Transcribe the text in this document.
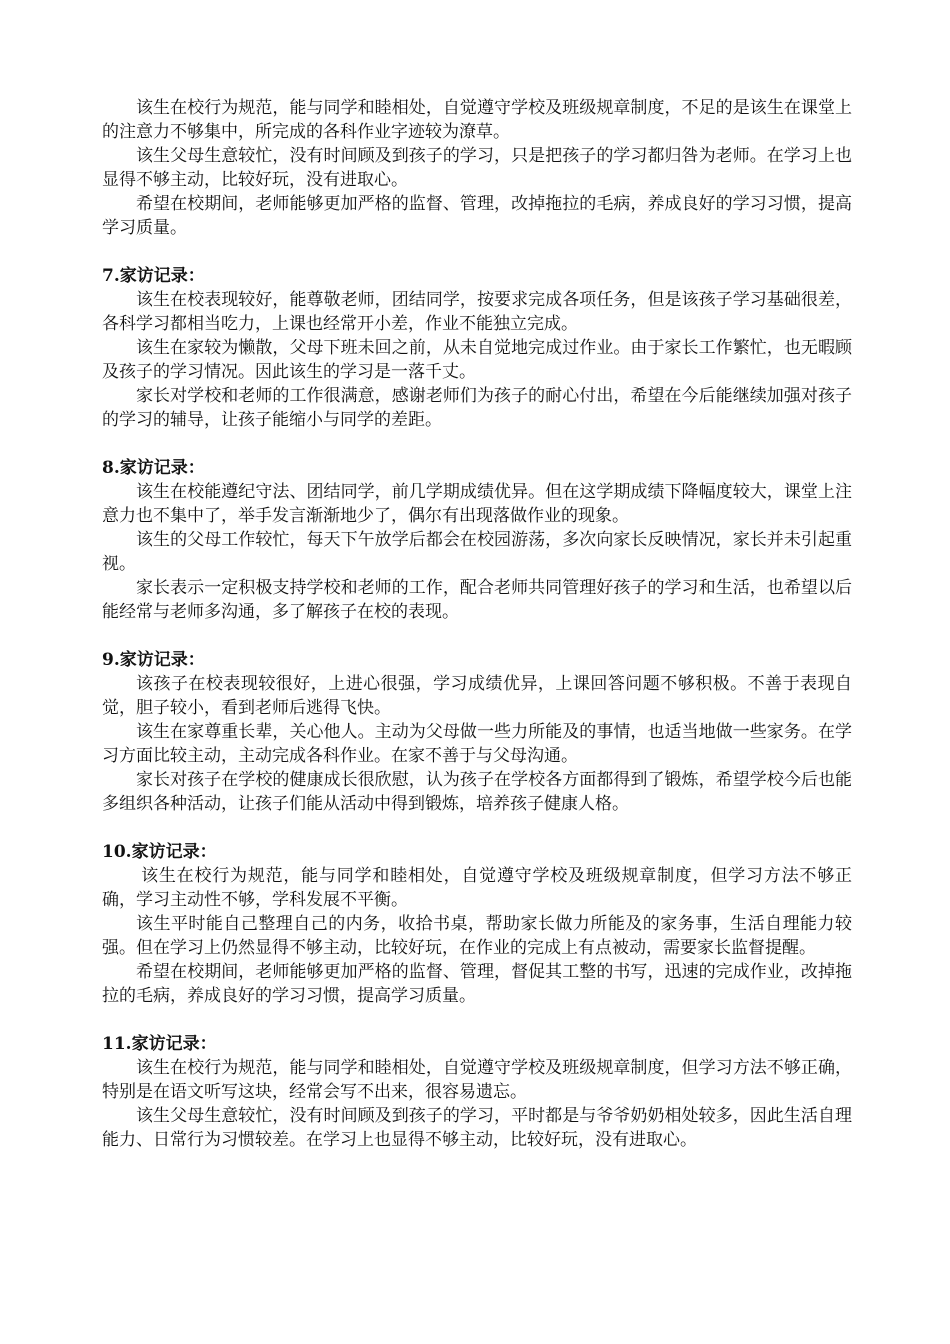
该生在校行为规范，能与同学和睦相处，自觉遵守学校及班级规章制度，不足的是该生在课堂上的注意力不够集中，所完成的各科作业字迹较为潦草。

该生父母生意较忙，没有时间顾及到孩子的学习，只是把孩子的学习都归咎为老师。在学习上也显得不够主动，比较好玩，没有进取心。

希望在校期间，老师能够更加严格的监督、管理，改掉拖拉的毛病，养成良好的学习习惯，提高学习质量。

7.家访记录：

该生在校表现较好，能尊敬老师，团结同学，按要求完成各项任务，但是该孩子学习基础很差，各科学习都相当吃力，上课也经常开小差，作业不能独立完成。

该生在家较为懒散，父母下班未回之前，从未自觉地完成过作业。由于家长工作繁忙，也无暇顾及孩子的学习情况。因此该生的学习是一落千丈。

家长对学校和老师的工作很满意，感谢老师们为孩子的耐心付出，希望在今后能继续加强对孩子的学习的辅导，让孩子能缩小与同学的差距。

8.家访记录：

该生在校能遵纪守法、团结同学，前几学期成绩优异。但在这学期成绩下降幅度较大，课堂上注意力也不集中了，举手发言渐渐地少了，偶尔有出现落做作业的现象。

该生的父母工作较忙，每天下午放学后都会在校园游荡，多次向家长反映情况，家长并未引起重视。

家长表示一定积极支持学校和老师的工作，配合老师共同管理好孩子的学习和生活，也希望以后能经常与老师多沟通，多了解孩子在校的表现。

9.家访记录：

该孩子在校表现较很好，上进心很强，学习成绩优异，上课回答问题不够积极。不善于表现自觉，胆子较小，看到老师后逃得飞快。

该生在家尊重长辈，关心他人。主动为父母做一些力所能及的事情，也适当地做一些家务。在学习方面比较主动，主动完成各科作业。在家不善于与父母沟通。

家长对孩子在学校的健康成长很欣慰，认为孩子在学校各方面都得到了锻炼，希望学校今后也能多组织各种活动，让孩子们能从活动中得到锻炼，培养孩子健康人格。

10.家访记录：

该生在校行为规范，能与同学和睦相处，自觉遵守学校及班级规章制度，但学习方法不够正确，学习主动性不够，学科发展不平衡。

该生平时能自己整理自己的内务，收拾书桌，帮助家长做力所能及的家务事，生活自理能力较强。但在学习上仍然显得不够主动，比较好玩，在作业的完成上有点被动，需要家长监督提醒。

希望在校期间，老师能够更加严格的监督、管理，督促其工整的书写，迅速的完成作业，改掉拖拉的毛病，养成良好的学习习惯，提高学习质量。

11.家访记录：

该生在校行为规范，能与同学和睦相处，自觉遵守学校及班级规章制度，但学习方法不够正确，特别是在语文听写这块，经常会写不出来，很容易遗忘。

该生父母生意较忙，没有时间顾及到孩子的学习，平时都是与爷爷奶奶相处较多，因此生活自理能力、日常行为习惯较差。在学习上也显得不够主动，比较好玩，没有进取心。
